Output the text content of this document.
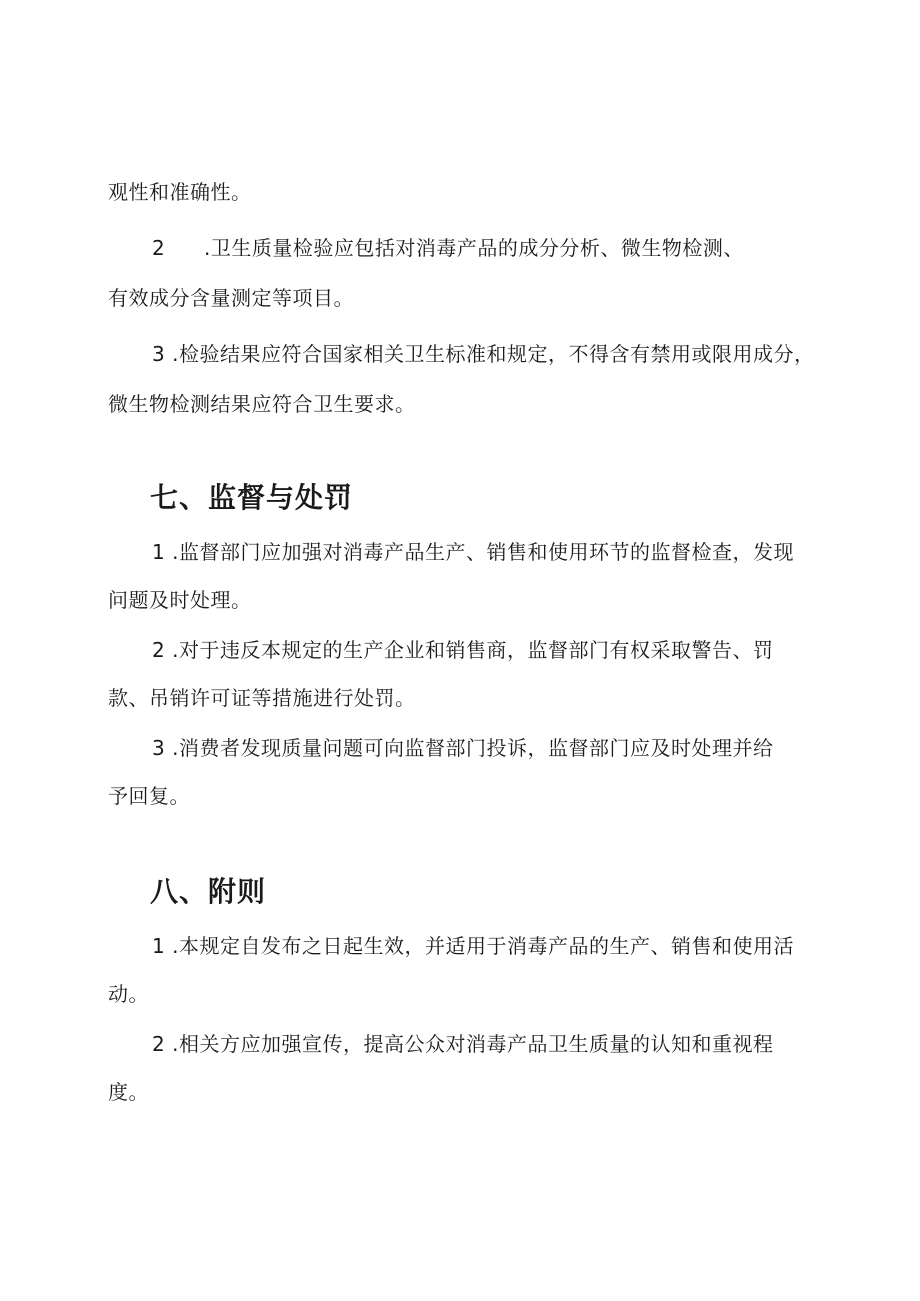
观性和准确性。
2 .卫生质量检验应包括对消毒产品的成分分析、微生物检测、
有效成分含量测定等项目。
3 .检验结果应符合国家相关卫生标准和规定，不得含有禁用或限用成分，
微生物检测结果应符合卫生要求。
七、监督与处罚
1 .监督部门应加强对消毒产品生产、销售和使用环节的监督检查，发现
问题及时处理。
2 .对于违反本规定的生产企业和销售商，监督部门有权采取警告、罚
款、吊销许可证等措施进行处罚。
3 .消费者发现质量问题可向监督部门投诉，监督部门应及时处理并给
予回复。
八、附则
1 .本规定自发布之日起生效，并适用于消毒产品的生产、销售和使用活
动。
2 .相关方应加强宣传，提高公众对消毒产品卫生质量的认知和重视程
度。
